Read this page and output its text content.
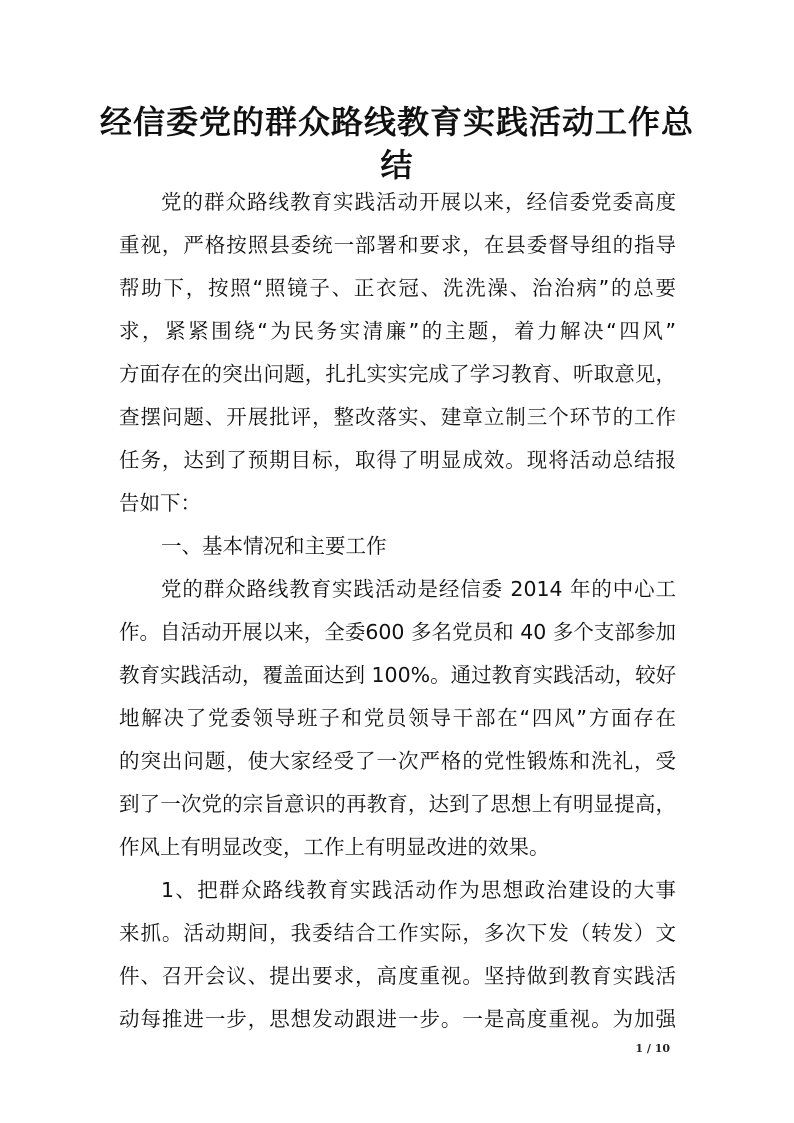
经信委党的群众路线教育实践活动工作总
结
党的群众路线教育实践活动开展以来，经信委党委高度
重视，严格按照县委统一部署和要求，在县委督导组的指导
帮助下，按照“照镜子、正衣冠、洗洗澡、治治病”的总要
求，紧紧围绕“为民务实清廉”的主题，着力解决“四风”
方面存在的突出问题，扎扎实实完成了学习教育、听取意见，
查摆问题、开展批评，整改落实、建章立制三个环节的工作
任务，达到了预期目标，取得了明显成效。现将活动总结报
告如下：
一、基本情况和主要工作
党的群众路线教育实践活动是经信委 2014 年的中心工
作。自活动开展以来，全委600 多名党员和 40 多个支部参加
教育实践活动，覆盖面达到 100%。通过教育实践活动，较好
地解决了党委领导班子和党员领导干部在“四风”方面存在
的突出问题，使大家经受了一次严格的党性锻炼和洗礼，受
到了一次党的宗旨意识的再教育，达到了思想上有明显提高，
作风上有明显改变，工作上有明显改进的效果。
1、把群众路线教育实践活动作为思想政治建设的大事
来抓。活动期间，我委结合工作实际，多次下发（转发）文
件、召开会议、提出要求，高度重视。坚持做到教育实践活
动每推进一步，思想发动跟进一步。一是高度重视。为加强
1 / 10
